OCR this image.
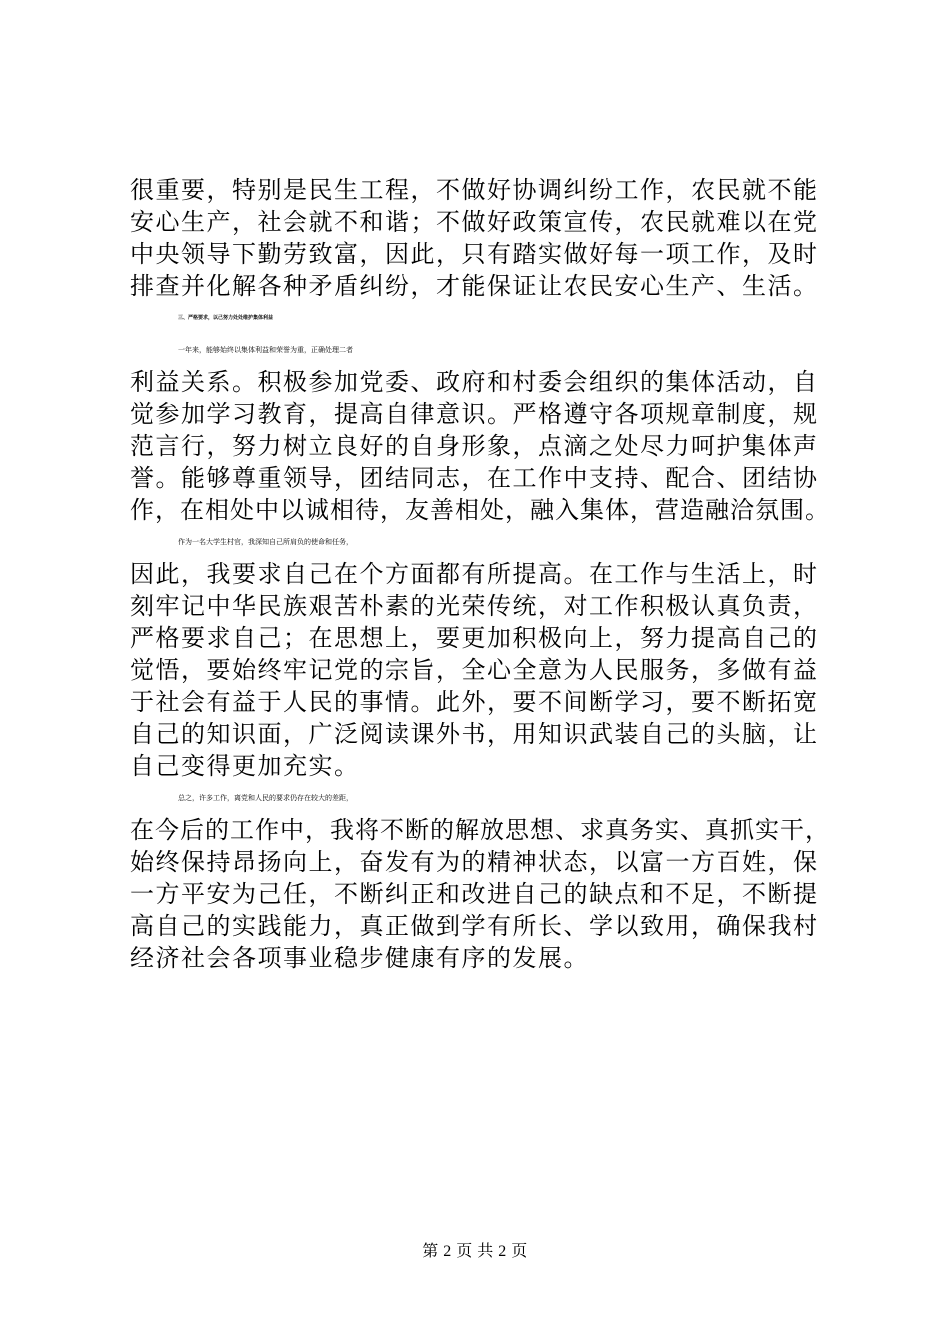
很重要，特别是民生工程，不做好协调纠纷工作，农民就不能
安心生产，社会就不和谐；不做好政策宣传，农民就难以在党
中央领导下勤劳致富，因此，只有踏实做好每一项工作，及时
排查并化解各种矛盾纠纷，才能保证让农民安心生产、生活。
三、严格要求，以己努力处处维护集体利益
一年来，能够始终以集体利益和荣誉为重，正确处理二者
利益关系。积极参加党委、政府和村委会组织的集体活动，自
觉参加学习教育，提高自律意识。严格遵守各项规章制度，规
范言行，努力树立良好的自身形象，点滴之处尽力呵护集体声
誉。能够尊重领导，团结同志，在工作中支持、配合、团结协
作，在相处中以诚相待，友善相处，融入集体，营造融洽氛围。
作为一名大学生村官，我深知自己所肩负的使命和任务，
因此，我要求自己在个方面都有所提高。在工作与生活上，时
刻牢记中华民族艰苦朴素的光荣传统，对工作积极认真负责，
严格要求自己；在思想上，要更加积极向上，努力提高自己的
觉悟，要始终牢记党的宗旨，全心全意为人民服务，多做有益
于社会有益于人民的事情。此外，要不间断学习，要不断拓宽
自己的知识面，广泛阅读课外书，用知识武装自己的头脑，让
自己变得更加充实。
总之，许多工作，离党和人民的要求仍存在较大的差距，
在今后的工作中，我将不断的解放思想、求真务实、真抓实干，
始终保持昂扬向上，奋发有为的精神状态，以富一方百姓，保
一方平安为己任，不断纠正和改进自己的缺点和不足，不断提
高自己的实践能力，真正做到学有所长、学以致用，确保我村
经济社会各项事业稳步健康有序的发展。
第 2 页 共 2 页
